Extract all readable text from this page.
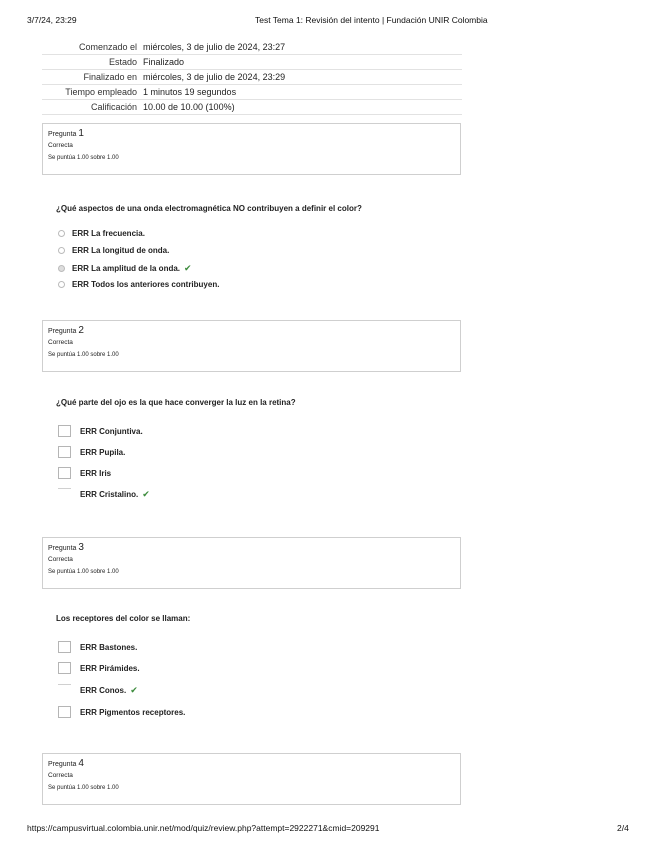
3/7/24, 23:29	Test Tema 1: Revisión del intento | Fundación UNIR Colombia
Comenzado el	miércoles, 3 de julio de 2024, 23:27
Estado	Finalizado
Finalizado en	miércoles, 3 de julio de 2024, 23:29
Tiempo empleado	1 minutos 19 segundos
Calificación	10.00 de 10.00 (100%)
Pregunta 1
Correcta
Se puntúa 1.00 sobre 1.00
¿Qué aspectos de una onda electromagnética NO contribuyen a definir el color?
ERR La frecuencia.
ERR La longitud de onda.
ERR La amplitud de la onda. ✔
ERR Todos los anteriores contribuyen.
Pregunta 2
Correcta
Se puntúa 1.00 sobre 1.00
¿Qué parte del ojo es la que hace converger la luz en la retina?
ERR Conjuntiva.
ERR Pupila.
ERR Iris
ERR Cristalino. ✔
Pregunta 3
Correcta
Se puntúa 1.00 sobre 1.00
Los receptores del color se llaman:
ERR Bastones.
ERR Pirámides.
ERR Conos. ✔
ERR Pigmentos receptores.
Pregunta 4
Correcta
Se puntúa 1.00 sobre 1.00
https://campusvirtual.colombia.unir.net/mod/quiz/review.php?attempt=2922271&cmid=209291	2/4
